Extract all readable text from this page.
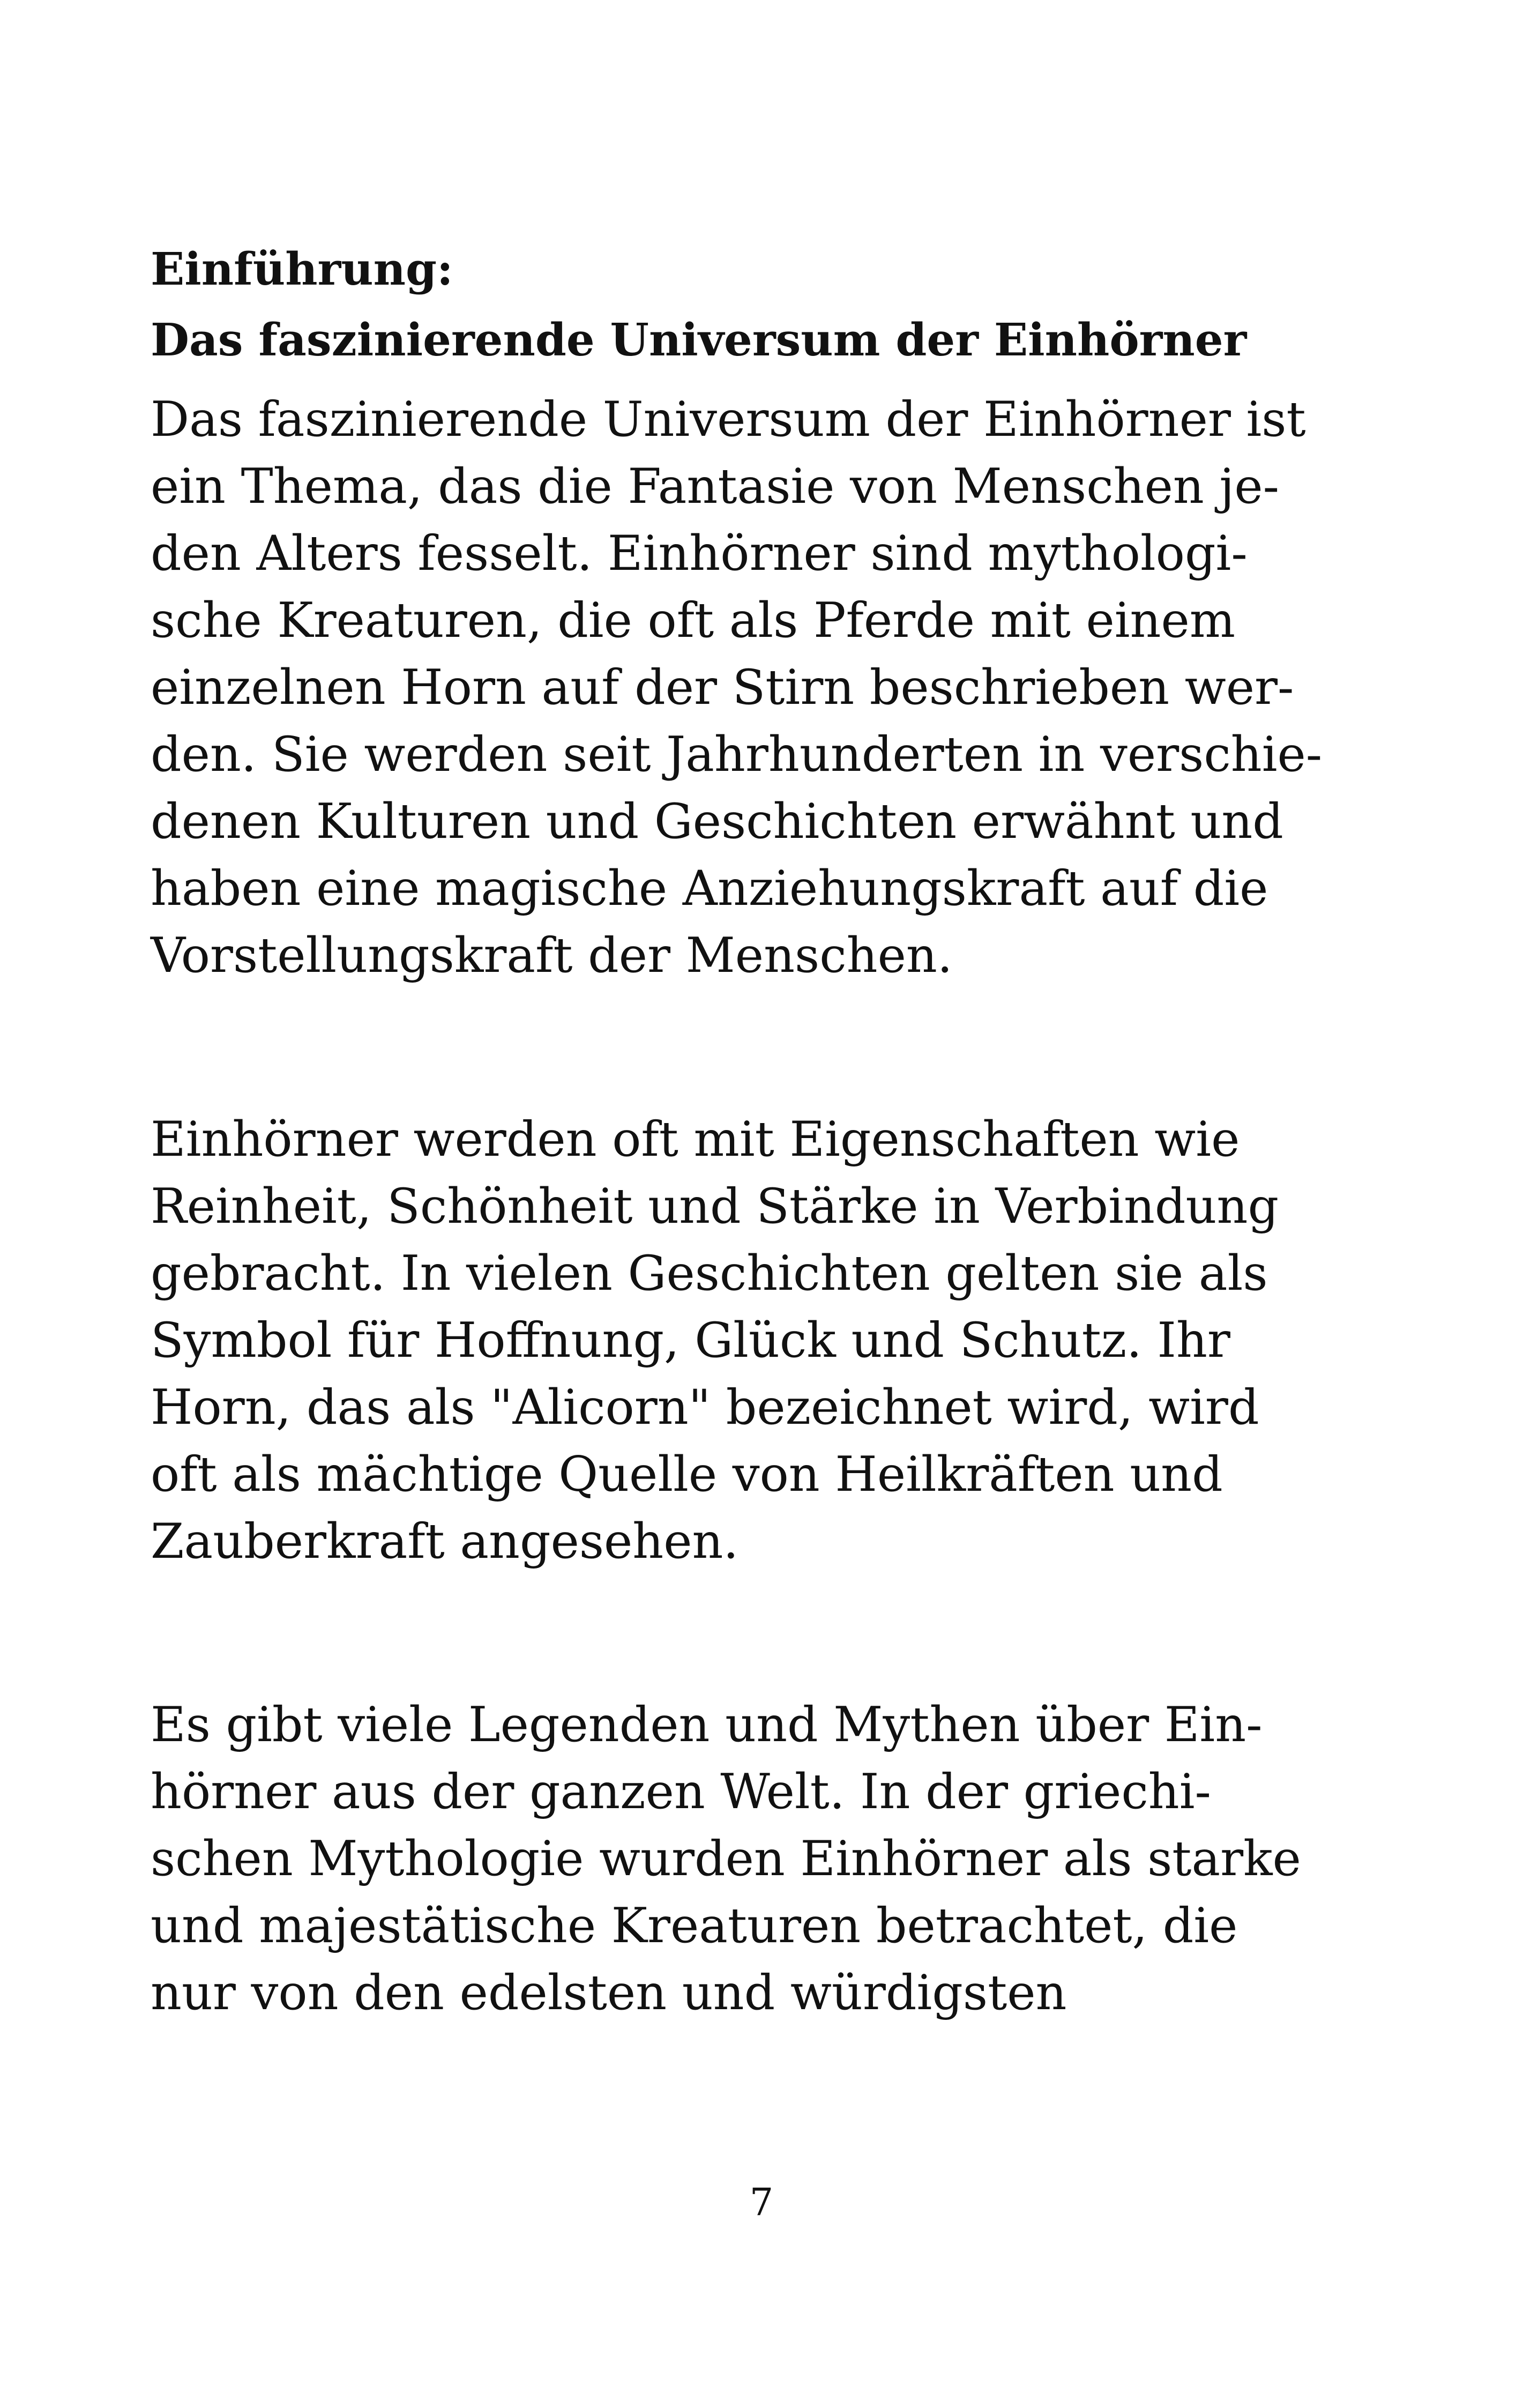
Einführung:
Das faszinierende Universum der Einhörner

Das faszinierende Universum der Einhörner ist
ein Thema, das die Fantasie von Menschen je-
den Alters fesselt. Einhörner sind mythologi-
sche Kreaturen, die oft als Pferde mit einem
einzelnen Horn auf der Stirn beschrieben wer-
den. Sie werden seit Jahrhunderten in verschie-
denen Kulturen und Geschichten erwähnt und
haben eine magische Anziehungskraft auf die
Vorstellungskraft der Menschen.

Einhörner werden oft mit Eigenschaften wie
Reinheit, Schönheit und Stärke in Verbindung
gebracht. In vielen Geschichten gelten sie als
Symbol für Hoffnung, Glück und Schutz. Ihr
Horn, das als "Alicorn" bezeichnet wird, wird
oft als mächtige Quelle von Heilkräften und
Zauberkraft angesehen.

Es gibt viele Legenden und Mythen über Ein-
hörner aus der ganzen Welt. In der griechi-
schen Mythologie wurden Einhörner als starke
und majestätische Kreaturen betrachtet, die
nur von den edelsten und würdigsten

7
